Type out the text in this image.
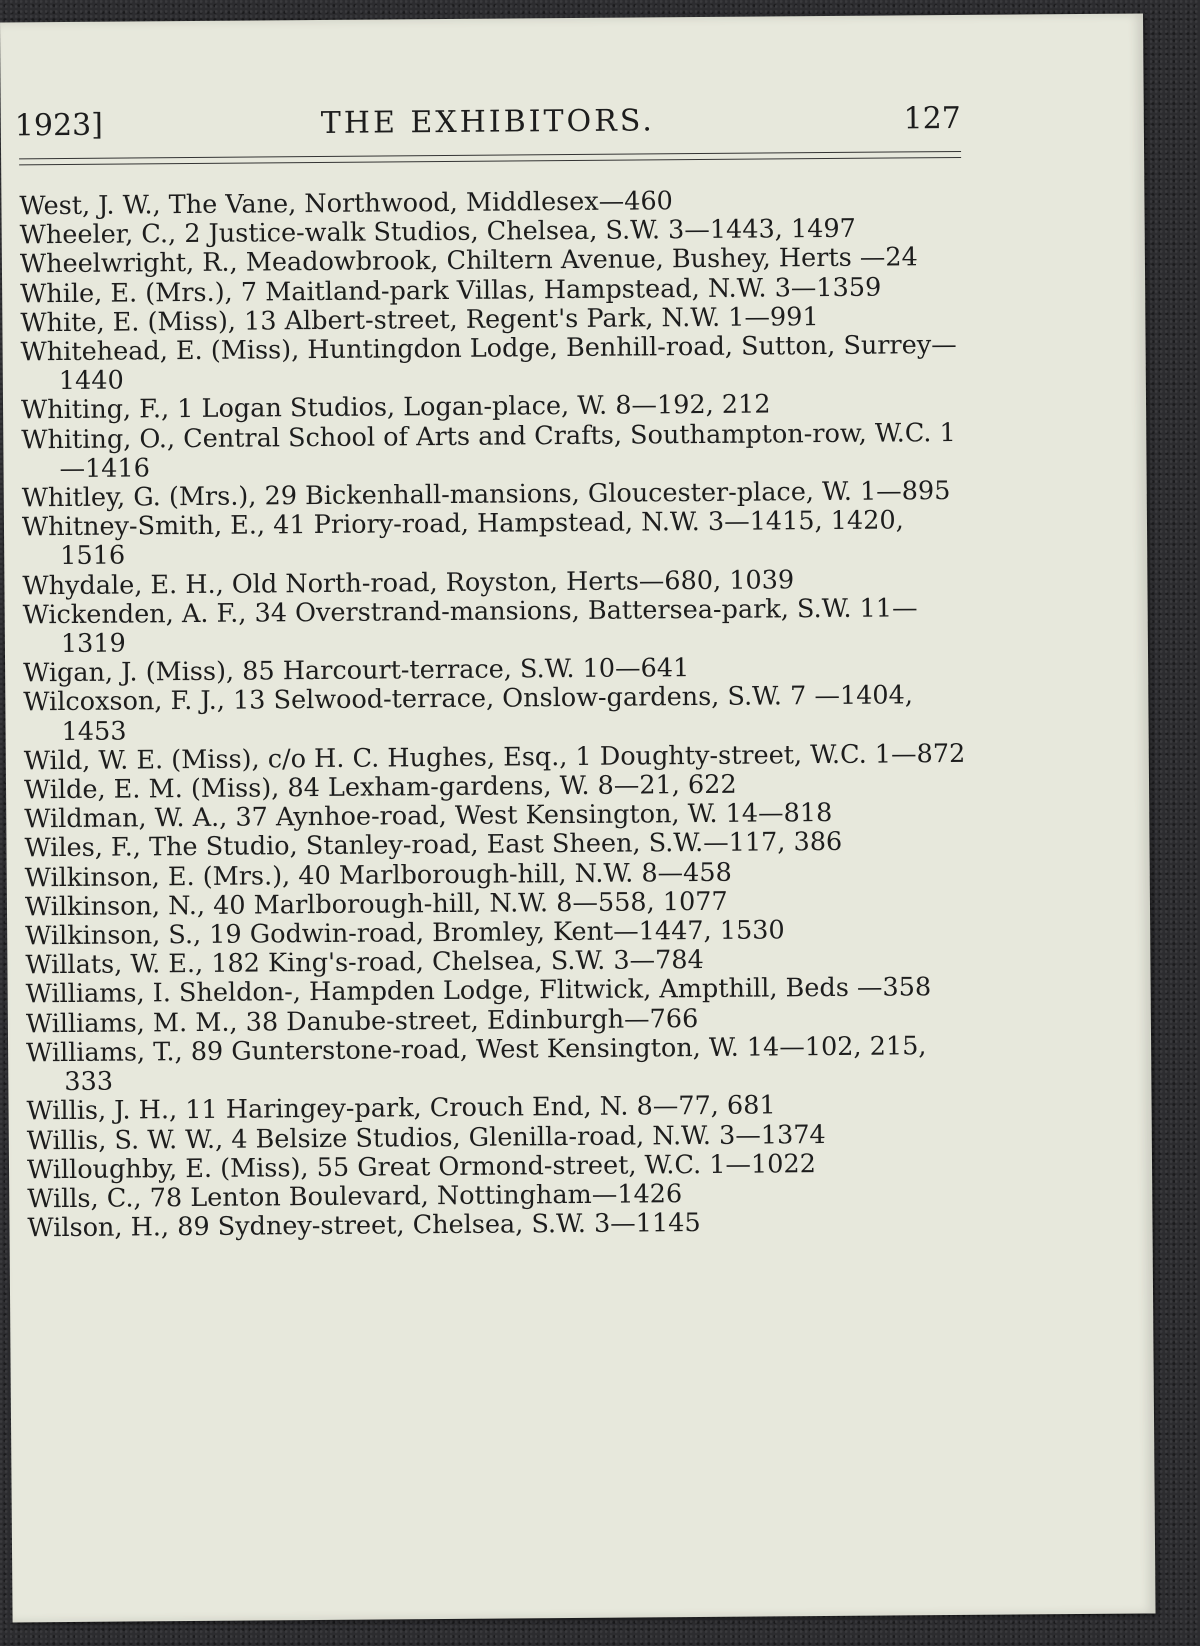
THE EXHIBITORS.
1923]	127

West, J. W., The Vane, Northwood, Middlesex—460

Wheeler, C., 2 Justice-walk Studios, Chelsea, S.W. 3—1443, 1497

Wheelwright, R., Meadowbrook, Chiltern Avenue, Bushey, Herts —24

While, E. (Mrs.), 7 Maitland-park Villas, Hampstead, N.W. 3—1359

White, E. (Miss), 13 Albert-street, Regent's Park, N.W. 1—991

Whitehead, E. (Miss), Huntingdon Lodge, Benhill-road, Sutton, Surrey—1440

Whiting, F., 1 Logan Studios, Logan-place, W. 8—192, 212

Whiting, O., Central School of Arts and Crafts, Southampton-row, W.C. 1—1416

Whitley, G. (Mrs.), 29 Bickenhall-mansions, Gloucester-place, W. 1—895

Whitney-Smith, E., 41 Priory-road, Hampstead, N.W. 3—1415, 1420, 1516

Whydale, E. H., Old North-road, Royston, Herts—680, 1039

Wickenden, A. F., 34 Overstrand-mansions, Battersea-park, S.W. 11—1319

Wigan, J. (Miss), 85 Harcourt-terrace, S.W. 10—641

Wilcoxson, F. J., 13 Selwood-terrace, Onslow-gardens, S.W. 7 —1404, 1453

Wild, W. E. (Miss), c/o H. C. Hughes, Esq., 1 Doughty-street, W.C. 1—872

Wilde, E. M. (Miss), 84 Lexham-gardens, W. 8—21, 622

Wildman, W. A., 37 Aynhoe-road, West Kensington, W. 14—818

Wiles, F., The Studio, Stanley-road, East Sheen, S.W.—117, 386

Wilkinson, E. (Mrs.), 40 Marlborough-hill, N.W. 8—458

Wilkinson, N., 40 Marlborough-hill, N.W. 8—558, 1077

Wilkinson, S., 19 Godwin-road, Bromley, Kent—1447, 1530

Willats, W. E., 182 King's-road, Chelsea, S.W. 3—784

Williams, I. Sheldon-, Hampden Lodge, Flitwick, Ampthill, Beds —358

Williams, M. M., 38 Danube-street, Edinburgh—766

Williams, T., 89 Gunterstone-road, West Kensington, W. 14—102, 215, 333

Willis, J. H., 11 Haringey-park, Crouch End, N. 8—77, 681

Willis, S. W. W., 4 Belsize Studios, Glenilla-road, N.W. 3—1374

Willoughby, E. (Miss), 55 Great Ormond-street, W.C. 1—1022

Wills, C., 78 Lenton Boulevard, Nottingham—1426

Wilson, H., 89 Sydney-street, Chelsea, S.W. 3—1145
